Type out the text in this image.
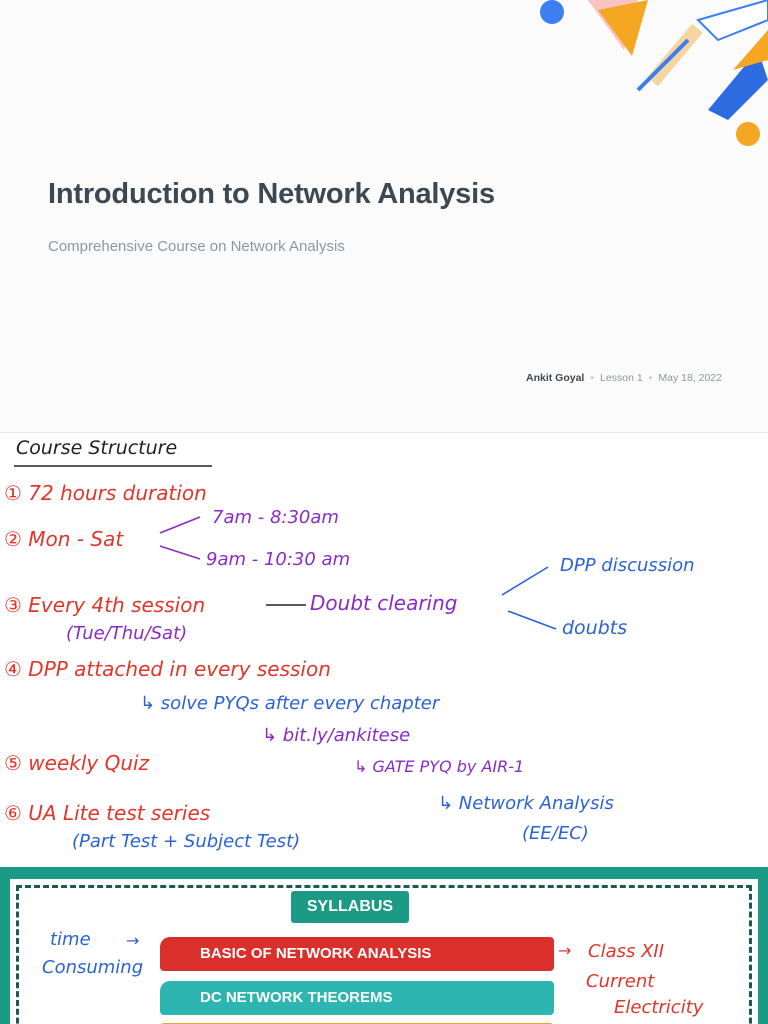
Introduction to Network Analysis
Comprehensive Course on Network Analysis
Ankit Goyal • Lesson 1 • May 18, 2022
Course Structure
① 72 hours duration
② Mon - Sat
7am - 8:30am
9am - 10:30 am
③ Every 4th session	Doubt clearing
DPP discussion
doubts
(Tue/Thu/Sat)
④ DPP attached in every session
↳ solve PYQs after every chapter
↳ bit.ly/ankitese
⑤ weekly Quiz	↳ GATE PYQ by AIR-1
⑥ UA Lite test series	↳ Network Analysis
(EE/EC)
(Part Test + Subject Test)
SYLLABUS
BASIC OF NETWORK ANALYSIS
DC NETWORK THEOREMS
time →
Consuming
→ Class XII
Current
Electricity
